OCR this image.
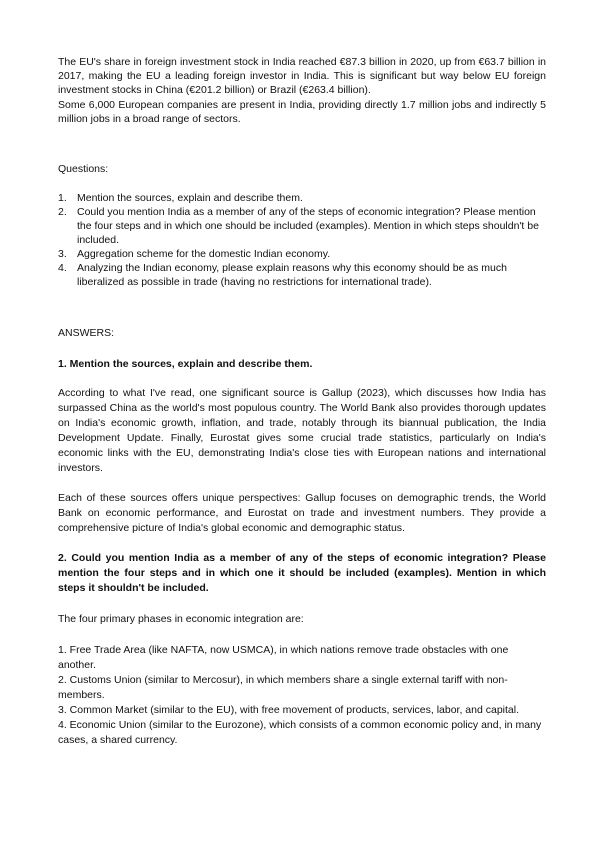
The EU's share in foreign investment stock in India reached €87.3 billion in 2020, up from €63.7 billion in 2017, making the EU a leading foreign investor in India. This is significant but way below EU foreign investment stocks in China (€201.2 billion) or Brazil (€263.4 billion).

Some 6,000 European companies are present in India, providing directly 1.7 million jobs and indirectly 5 million jobs in a broad range of sectors.

Questions:

1. Mention the sources, explain and describe them.
2. Could you mention India as a member of any of the steps of economic integration? Please mention the four steps and in which one should be included (examples). Mention in which steps shouldn't be included.
3. Aggregation scheme for the domestic Indian economy.
4. Analyzing the Indian economy, please explain reasons why this economy should be as much liberalized as possible in trade (having no restrictions for international trade).

ANSWERS:

1. Mention the sources, explain and describe them.

According to what I've read, one significant source is Gallup (2023), which discusses how India has surpassed China as the world's most populous country. The World Bank also provides thorough updates on India's economic growth, inflation, and trade, notably through its biannual publication, the India Development Update. Finally, Eurostat gives some crucial trade statistics, particularly on India's economic links with the EU, demonstrating India's close ties with European nations and international investors.

Each of these sources offers unique perspectives: Gallup focuses on demographic trends, the World Bank on economic performance, and Eurostat on trade and investment numbers. They provide a comprehensive picture of India's global economic and demographic status.

2. Could you mention India as a member of any of the steps of economic integration? Please mention the four steps and in which one it should be included (examples). Mention in which steps it shouldn't be included.

The four primary phases in economic integration are:

1. Free Trade Area (like NAFTA, now USMCA), in which nations remove trade obstacles with one another.

2. Customs Union (similar to Mercosur), in which members share a single external tariff with non-members.

3. Common Market (similar to the EU), with free movement of products, services, labor, and capital.

4. Economic Union (similar to the Eurozone), which consists of a common economic policy and, in many cases, a shared currency.
